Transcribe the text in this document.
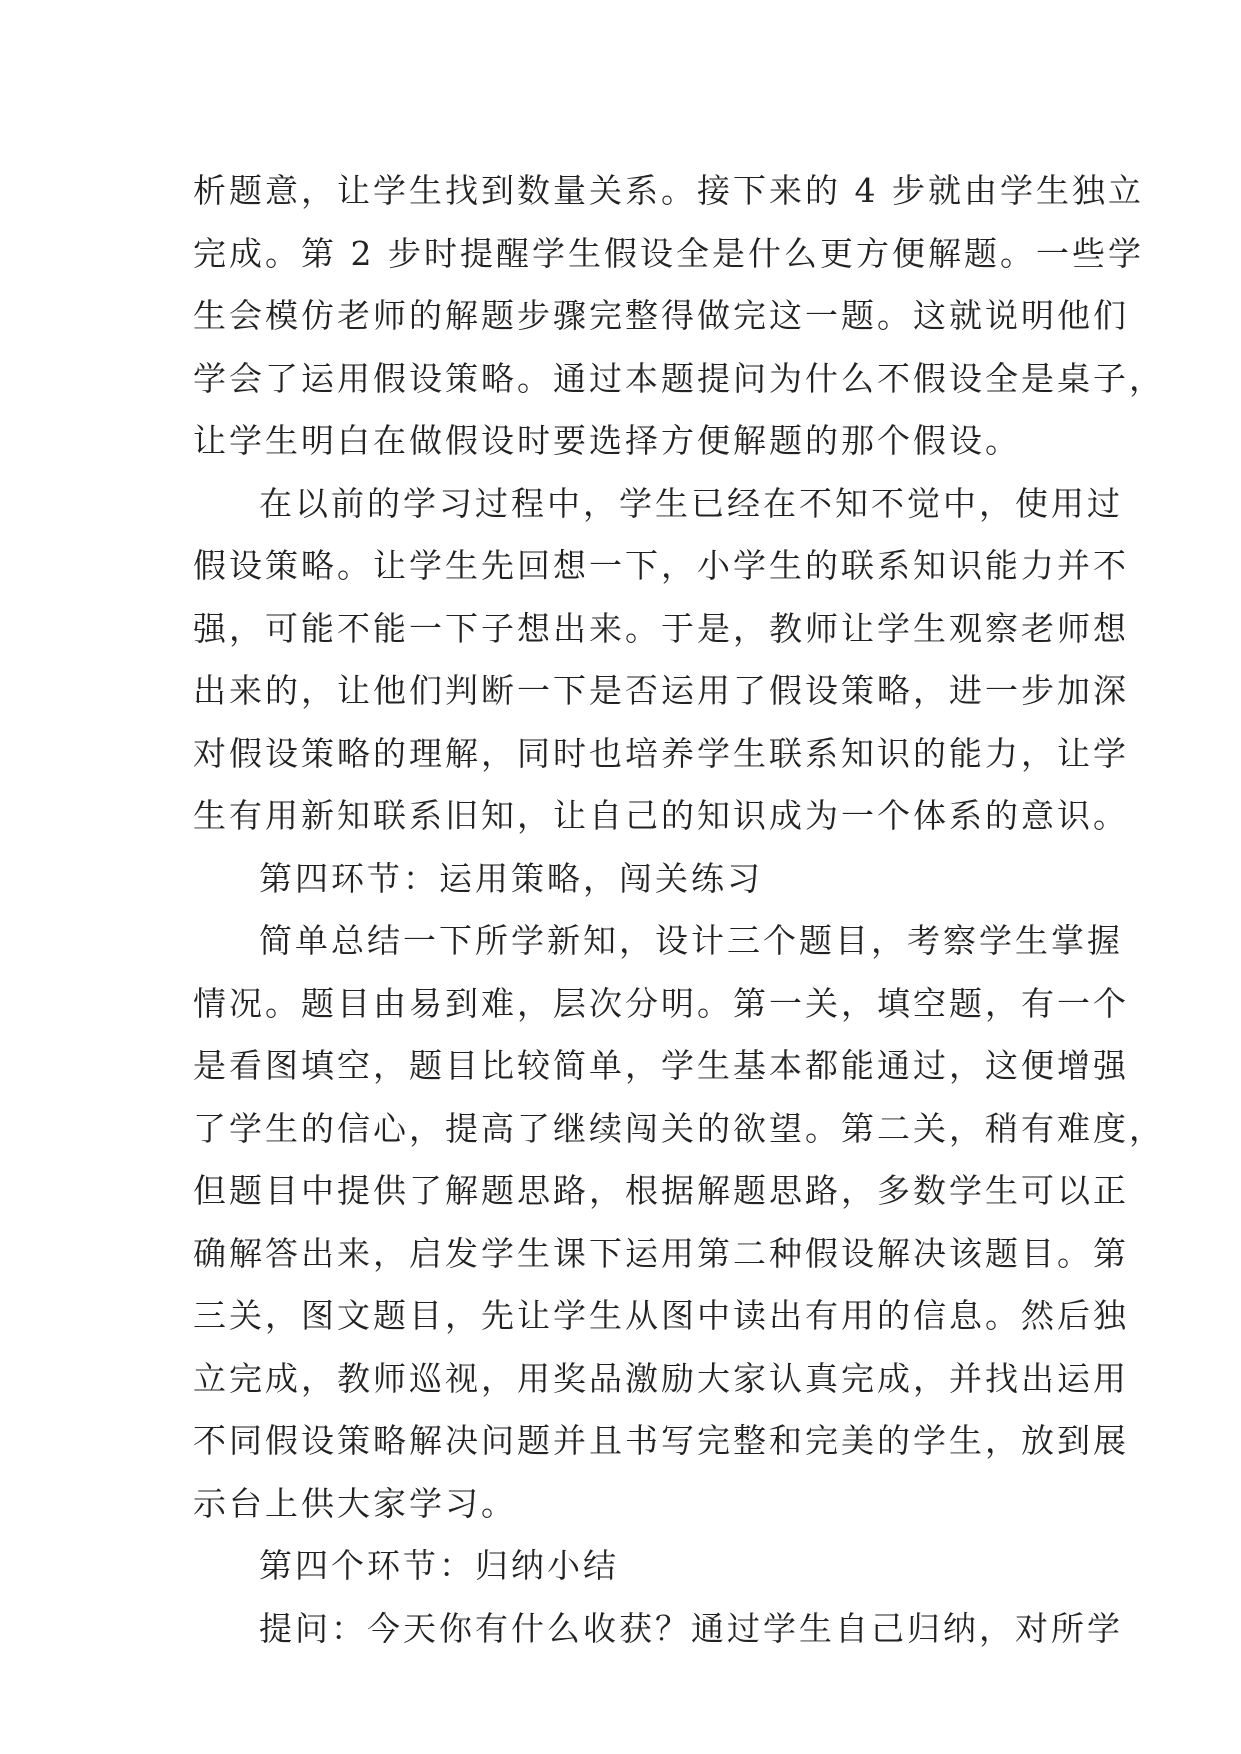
析题意，让学生找到数量关系。接下来的 4 步就由学生独立
完成。第 2 步时提醒学生假设全是什么更方便解题。一些学
生会模仿老师的解题步骤完整得做完这一题。这就说明他们
学会了运用假设策略。通过本题提问为什么不假设全是桌子，
让学生明白在做假设时要选择方便解题的那个假设。
在以前的学习过程中，学生已经在不知不觉中，使用过
假设策略。让学生先回想一下，小学生的联系知识能力并不
强，可能不能一下子想出来。于是，教师让学生观察老师想
出来的，让他们判断一下是否运用了假设策略，进一步加深
对假设策略的理解，同时也培养学生联系知识的能力，让学
生有用新知联系旧知，让自己的知识成为一个体系的意识。
第四环节：运用策略，闯关练习
简单总结一下所学新知，设计三个题目，考察学生掌握
情况。题目由易到难，层次分明。第一关，填空题，有一个
是看图填空，题目比较简单，学生基本都能通过，这便增强
了学生的信心，提高了继续闯关的欲望。第二关，稍有难度，
但题目中提供了解题思路，根据解题思路，多数学生可以正
确解答出来，启发学生课下运用第二种假设解决该题目。第
三关，图文题目，先让学生从图中读出有用的信息。然后独
立完成，教师巡视，用奖品激励大家认真完成，并找出运用
不同假设策略解决问题并且书写完整和完美的学生，放到展
示台上供大家学习。
第四个环节：归纳小结
提问：今天你有什么收获？通过学生自己归纳，对所学
